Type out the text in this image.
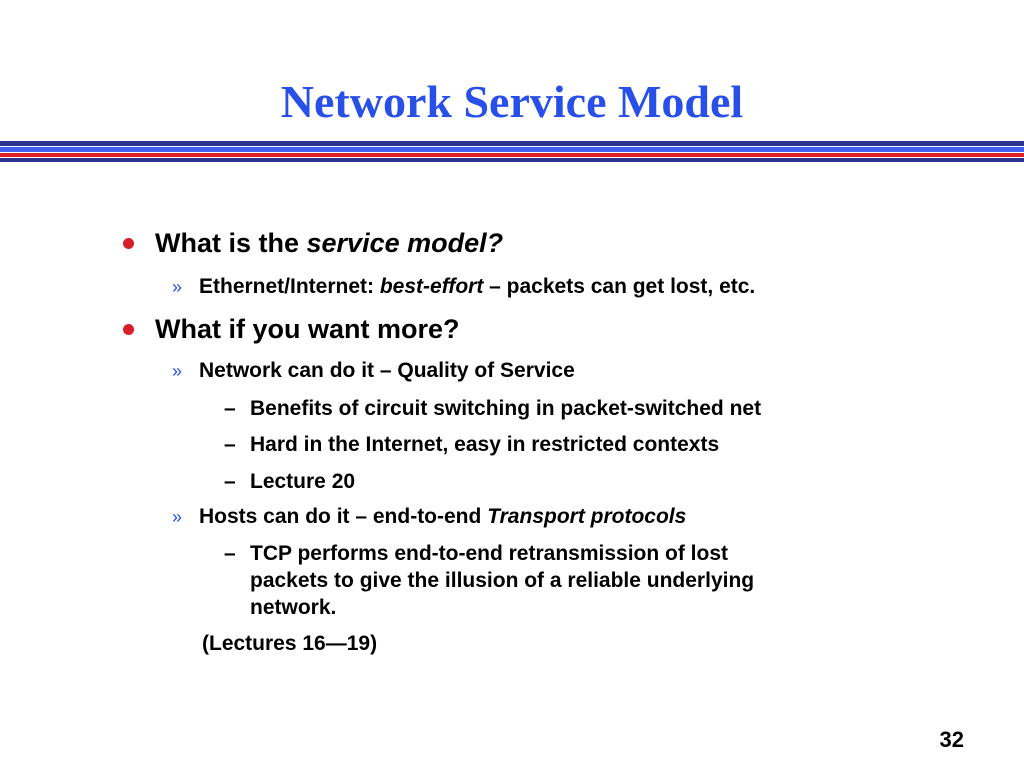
Network Service Model
What is the service model?
» Ethernet/Internet: best-effort – packets can get lost, etc.
What if you want more?
» Network can do it – Quality of Service
– Benefits of circuit switching in packet-switched net
– Hard in the Internet, easy in restricted contexts
– Lecture 20
» Hosts can do it – end-to-end Transport protocols
– TCP performs end-to-end retransmission of lost
packets to give the illusion of a reliable underlying
network.
(Lectures 16—19)
32
